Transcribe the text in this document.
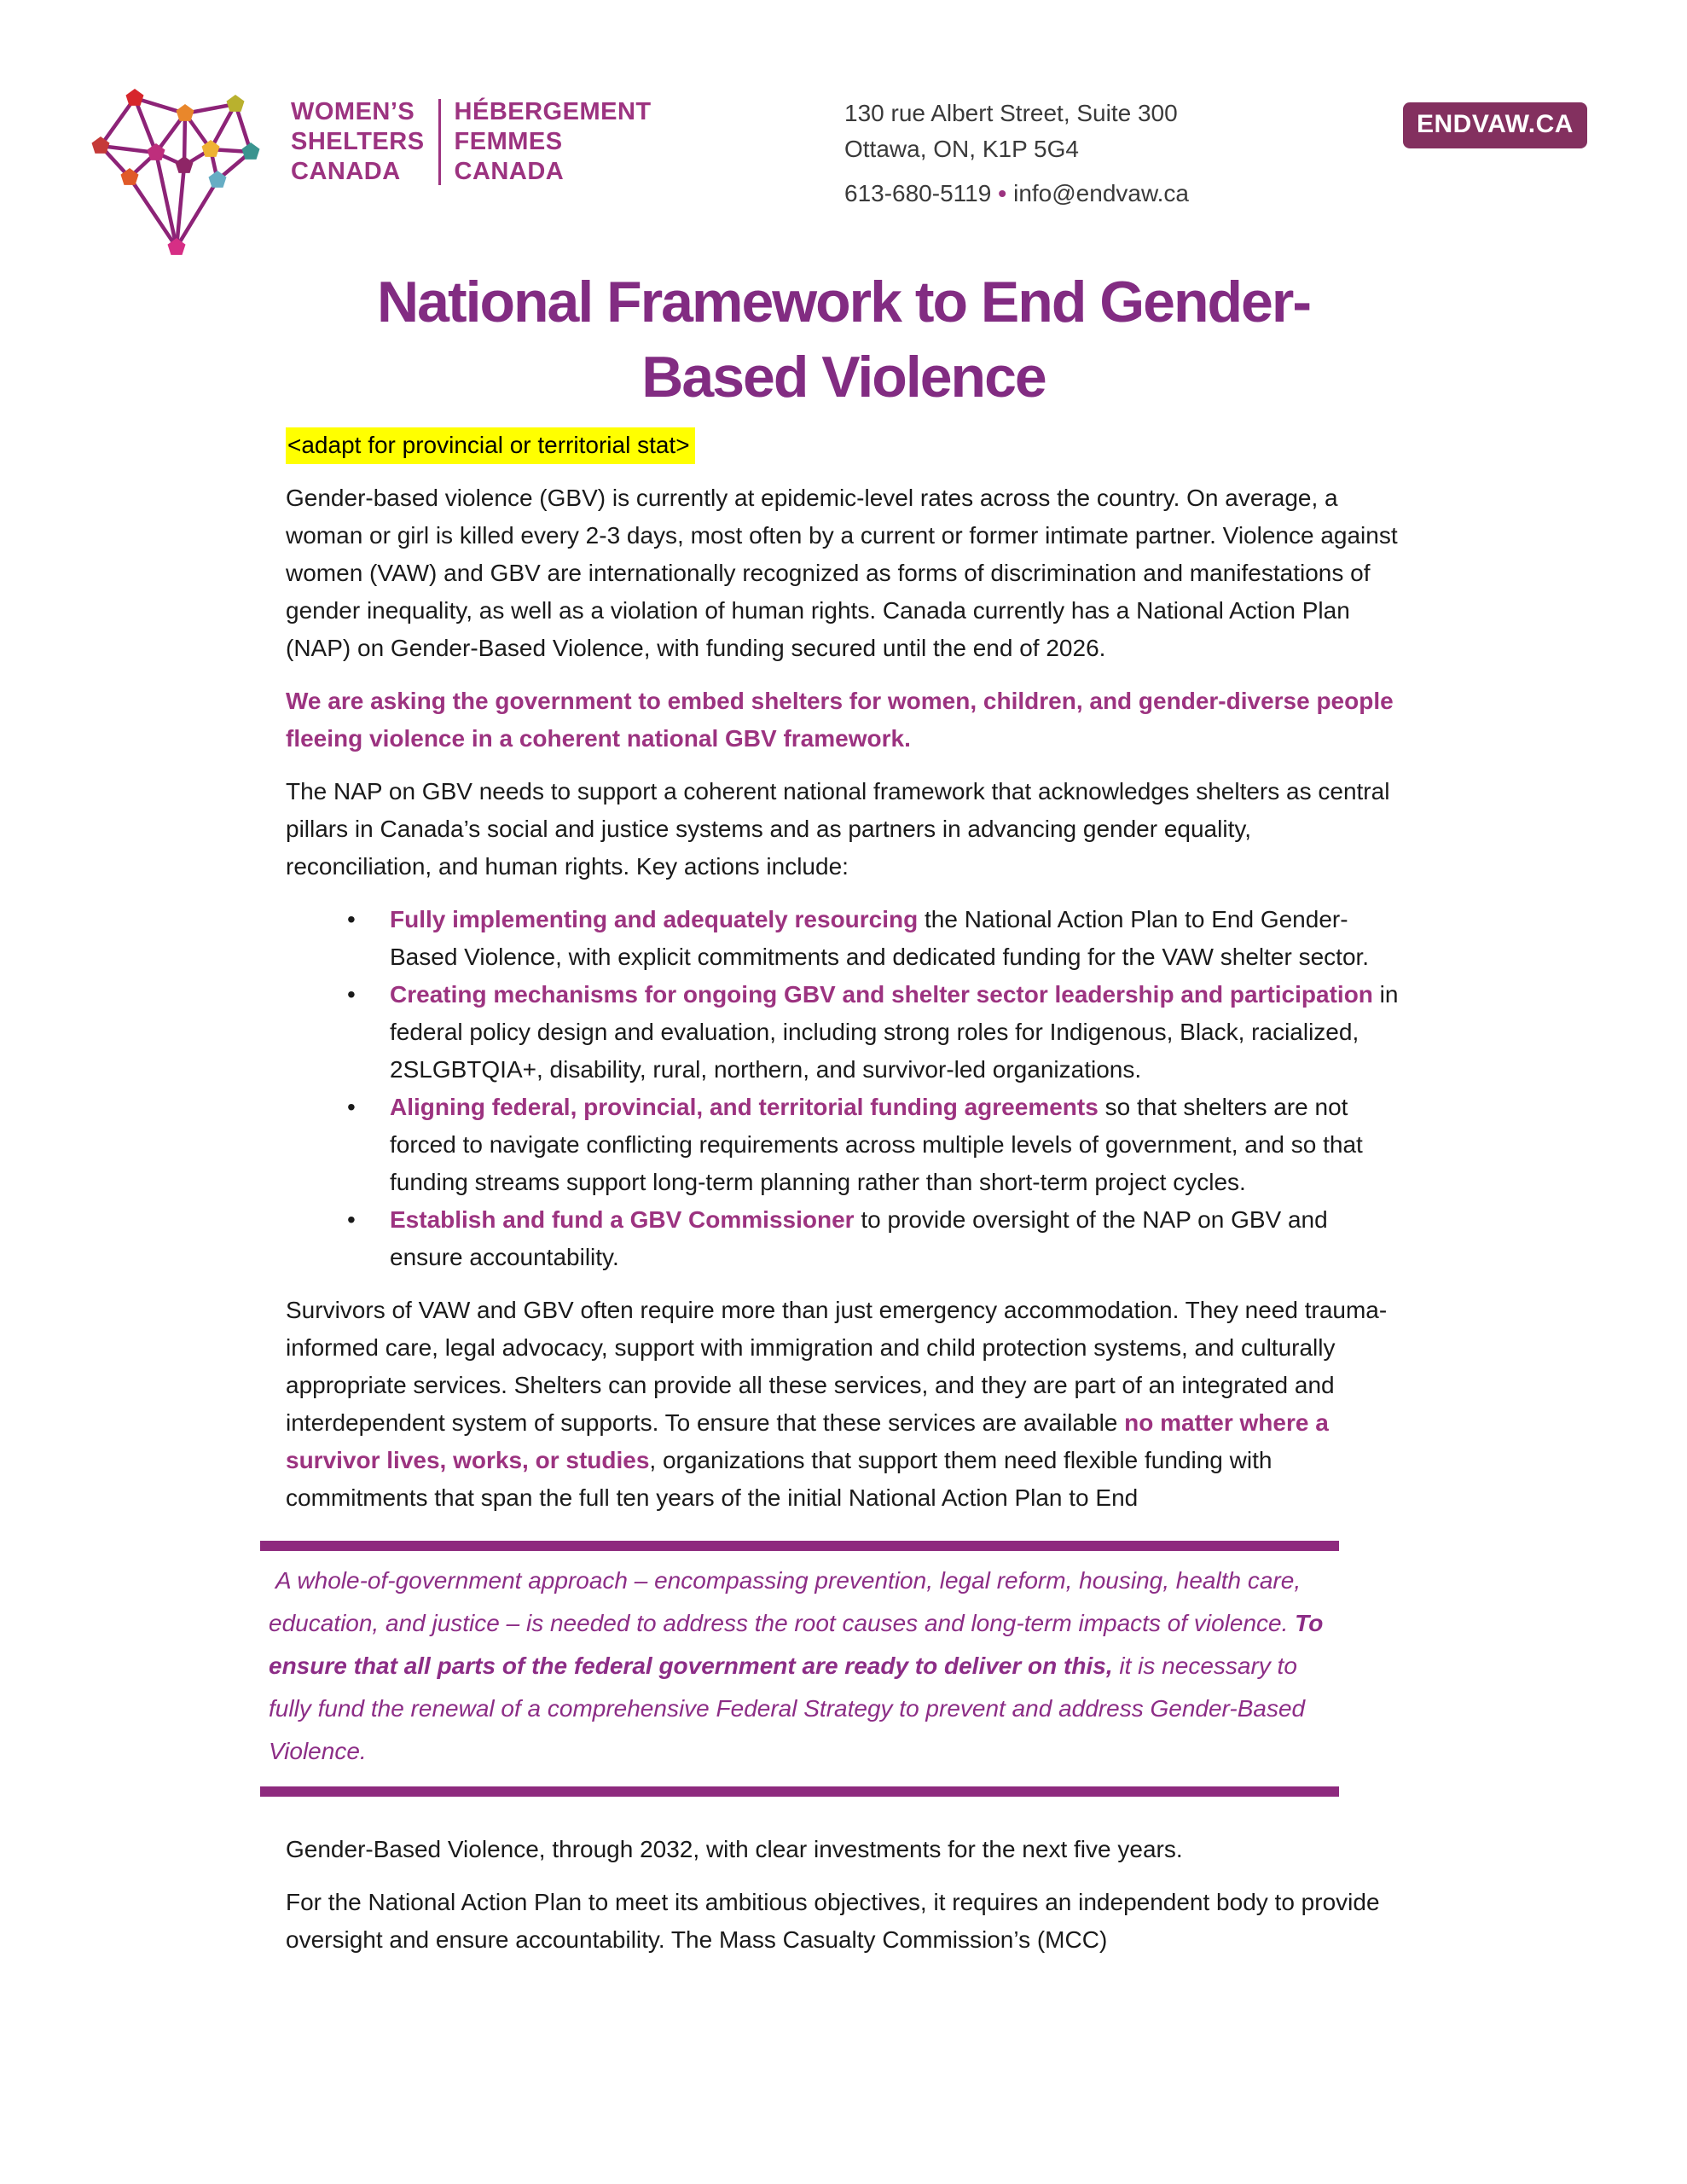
WOMEN’S
SHELTERS
CANADA
HÉBERGEMENT
FEMMES
CANADA
130 rue Albert Street, Suite 300
Ottawa, ON, K1P 5G4
613-680-5119 • info@endvaw.ca
ENDVAW.CA
National Framework to End Gender-
Based Violence

<adapt for provincial or territorial stat>

Gender-based violence (GBV) is currently at epidemic-level rates across the country. On average, a woman or girl is killed every 2-3 days, most often by a current or former intimate partner. Violence against women (VAW) and GBV are internationally recognized as forms of discrimination and manifestations of gender inequality, as well as a violation of human rights. Canada currently has a National Action Plan (NAP) on Gender-Based Violence, with funding secured until the end of 2026.

We are asking the government to embed shelters for women, children, and gender-diverse people fleeing violence in a coherent national GBV framework.

The NAP on GBV needs to support a coherent national framework that acknowledges shelters as central pillars in Canada’s social and justice systems and as partners in advancing gender equality, reconciliation, and human rights. Key actions include:

• Fully implementing and adequately resourcing the National Action Plan to End Gender-Based Violence, with explicit commitments and dedicated funding for the VAW shelter sector.
• Creating mechanisms for ongoing GBV and shelter sector leadership and participation in federal policy design and evaluation, including strong roles for Indigenous, Black, racialized, 2SLGBTQIA+, disability, rural, northern, and survivor-led organizations.
• Aligning federal, provincial, and territorial funding agreements so that shelters are not forced to navigate conflicting requirements across multiple levels of government, and so that funding streams support long-term planning rather than short-term project cycles.
• Establish and fund a GBV Commissioner to provide oversight of the NAP on GBV and ensure accountability.

Survivors of VAW and GBV often require more than just emergency accommodation. They need trauma-informed care, legal advocacy, support with immigration and child protection systems, and culturally appropriate services. Shelters can provide all these services, and they are part of an integrated and interdependent system of supports. To ensure that these services are available no matter where a survivor lives, works, or studies, organizations that support them need flexible funding with commitments that span the full ten years of the initial National Action Plan to End

A whole-of-government approach – encompassing prevention, legal reform, housing, health care, education, and justice – is needed to address the root causes and long-term impacts of violence. To ensure that all parts of the federal government are ready to deliver on this, it is necessary to fully fund the renewal of a comprehensive Federal Strategy to prevent and address Gender-Based Violence.

Gender-Based Violence, through 2032, with clear investments for the next five years.

For the National Action Plan to meet its ambitious objectives, it requires an independent body to provide oversight and ensure accountability. The Mass Casualty Commission’s (MCC)
